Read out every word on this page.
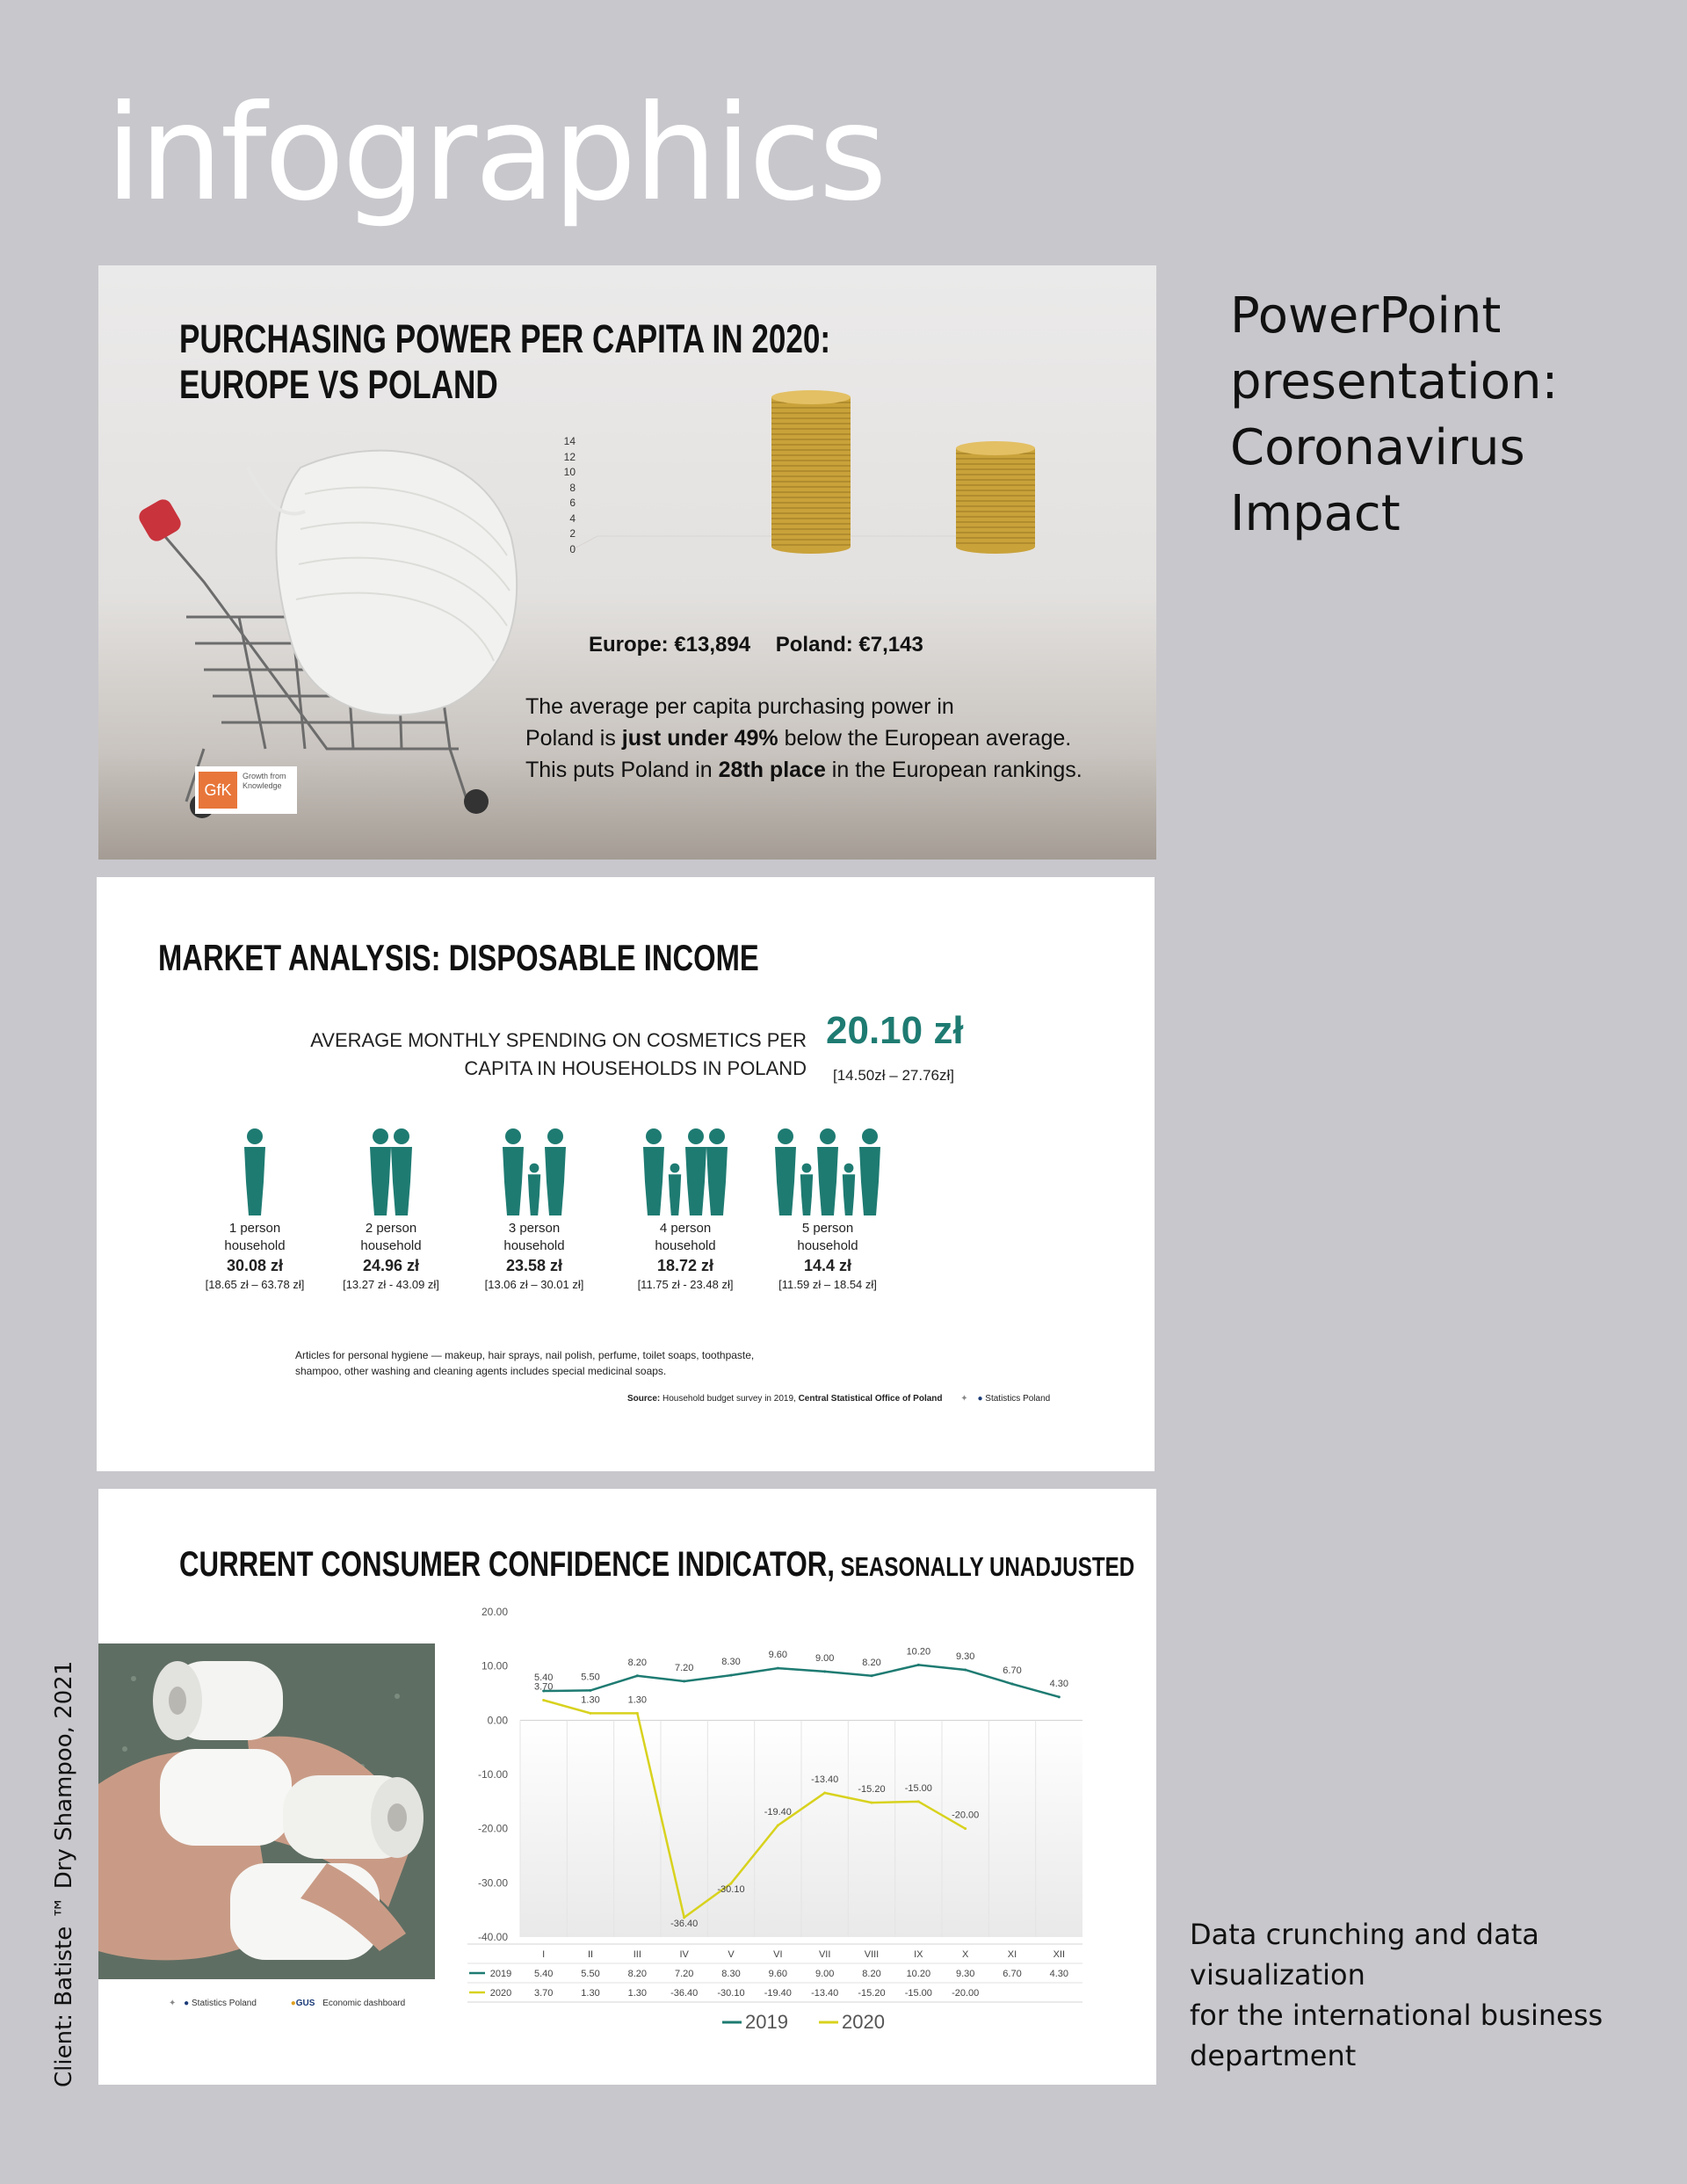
infographics
PURCHASING POWER PER CAPITA IN 2020: EUROPE VS POLAND
14
12
10
8
6
4
2
0
Europe: €13,894 Poland: €7,143

The average per capita purchasing power in

Poland is just under 49% below the European average.

This puts Poland in 28th place in the European rankings.

GfK
Growth from Knowledge
MARKET ANALYSIS: DISPOSABLE INCOME
AVERAGE MONTHLY SPENDING ON COSMETICS PER
CAPITA IN HOUSEHOLDS IN POLAND
20.10 zł
[14.50zł – 27.76zł]
1 person
household
30.08 zł
[18.65 zł – 63.78 zł]
2 person
household
24.96 zł
[13.27 zł - 43.09 zł]
3 person
household
23.58 zł
[13.06 zł – 30.01 zł]
4 person
household
18.72 zł
[11.75 zł - 23.48 zł]
5 person
household
14.4 zł
[11.59 zł – 18.54 zł]
Articles for personal hygiene — makeup, hair sprays, nail polish, perfume, toilet soaps, toothpaste,
shampoo, other washing and cleaning agents includes special medicinal soaps.
Source: Household budget survey in 2019, Central Statistical Office of Poland ✦ ● Statistics Poland
CURRENT CONSUMER CONFIDENCE INDICATOR, SEASONALLY UNADJUSTED
20.00
10.00
0.00
-10.00
-20.00
-30.00
-40.00
5.40	5.50
8.20
7.20
8.30
9.60	9.00	8.20
10.20	9.30
6.70
4.30
3.70
1.30	1.30
-36.40
-30.10
-19.40
-13.40
-15.20 -15.00
-20.00
I	II	III	IV	V	VI	VII	VIII	IX	X	XI	XII
2019 5.40	5.50	8.20	7.20	8.30	9.60	9.00	8.20	10.20	9.30	6.70	4.30
2020 3.70	1.30	1.30 -36.40 -30.10 -19.40 -13.40 -15.20 -15.00 -20.00
2019	2020
✦ ● Statistics Poland	●GUS Economic dashboard
PowerPoint
presentation:
Coronavirus
Impact
Data crunching and data
visualization
for the international business
department
Client: Batiste ™ Dry Shampoo, 2021
